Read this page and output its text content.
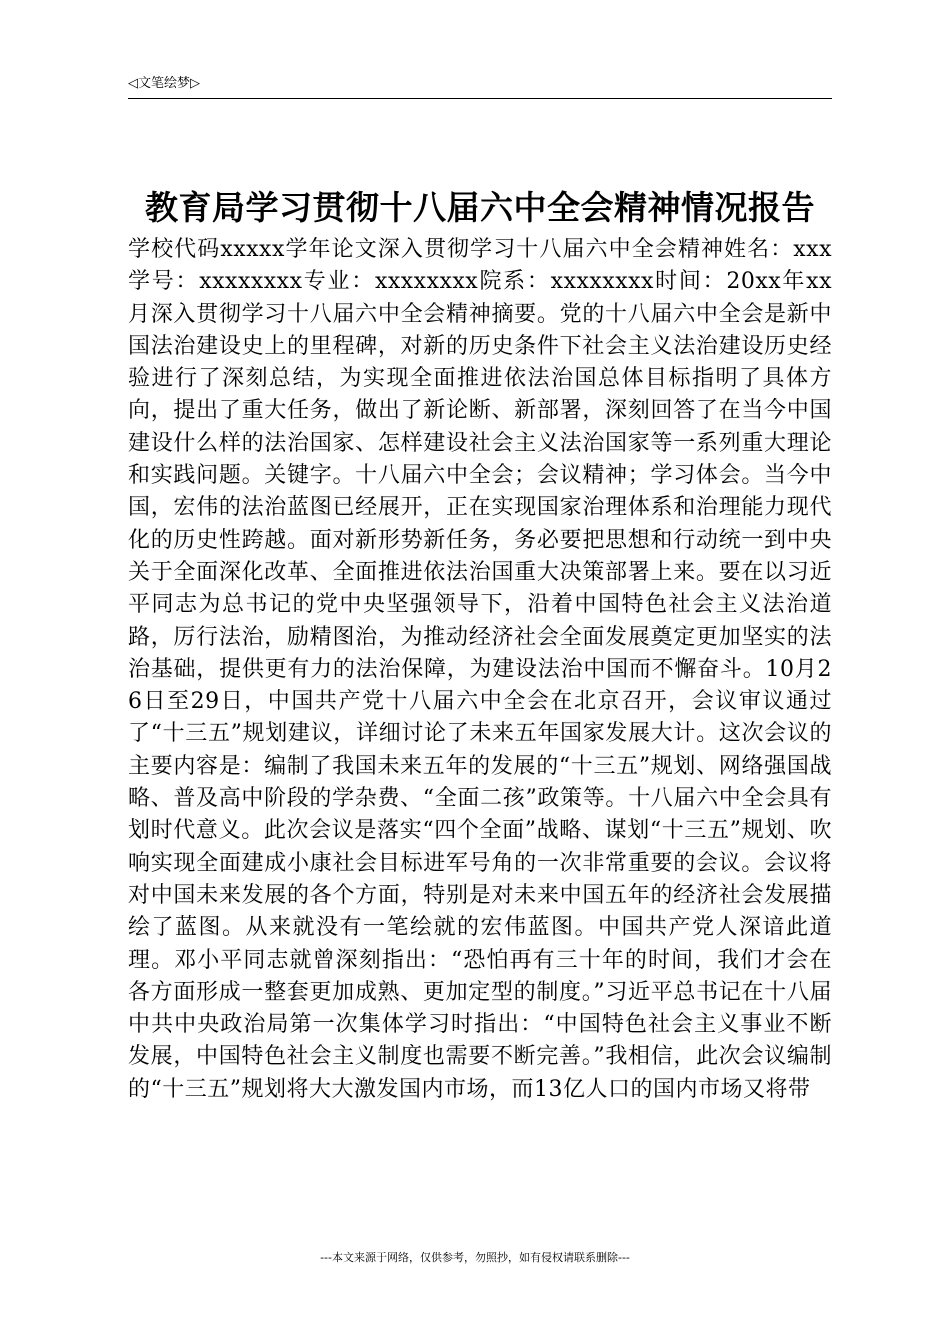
◁文笔绘梦▷
教育局学习贯彻十八届六中全会精神情况报告

学校代码xxxxx学年论文深入贯彻学习十八届六中全会精神姓名：xxx学号：xxxxxxxx专业：xxxxxxxx院系：xxxxxxxx时间：20xx年xx月深入贯彻学习十八届六中全会精神摘要。党的十八届六中全会是新中国法治建设史上的里程碑，对新的历史条件下社会主义法治建设历史经验进行了深刻总结，为实现全面推进依法治国总体目标指明了具体方向，提出了重大任务，做出了新论断、新部署，深刻回答了在当今中国建设什么样的法治国家、怎样建设社会主义法治国家等一系列重大理论和实践问题。关键字。十八届六中全会；会议精神；学习体会。当今中国，宏伟的法治蓝图已经展开，正在实现国家治理体系和治理能力现代化的历史性跨越。面对新形势新任务，务必要把思想和行动统一到中央关于全面深化改革、全面推进依法治国重大决策部署上来。要在以习近平同志为总书记的党中央坚强领导下，沿着中国特色社会主义法治道路，厉行法治，励精图治，为推动经济社会全面发展奠定更加坚实的法治基础，提供更有力的法治保障，为建设法治中国而不懈奋斗。10月26日至29日，中国共产党十八届六中全会在北京召开，会议审议通过了“十三五”规划建议，详细讨论了未来五年国家发展大计。这次会议的主要内容是：编制了我国未来五年的发展的“十三五”规划、网络强国战略、普及高中阶段的学杂费、“全面二孩”政策等。十八届六中全会具有划时代意义。此次会议是落实“四个全面”战略、谋划“十三五”规划、吹响实现全面建成小康社会目标进军号角的一次非常重要的会议。会议将对中国未来发展的各个方面，特别是对未来中国五年的经济社会发展描绘了蓝图。从来就没有一笔绘就的宏伟蓝图。中国共产党人深谙此道理。邓小平同志就曾深刻指出：“恐怕再有三十年的时间，我们才会在各方面形成一整套更加成熟、更加定型的制度。”习近平总书记在十八届中共中央政治局第一次集体学习时指出：“中国特色社会主义事业不断发展，中国特色社会主义制度也需要不断完善。”我相信，此次会议编制的“十三五”规划将大大激发国内市场，而13亿人口的国内市场又将带

---本文来源于网络，仅供参考，勿照抄，如有侵权请联系删除---
